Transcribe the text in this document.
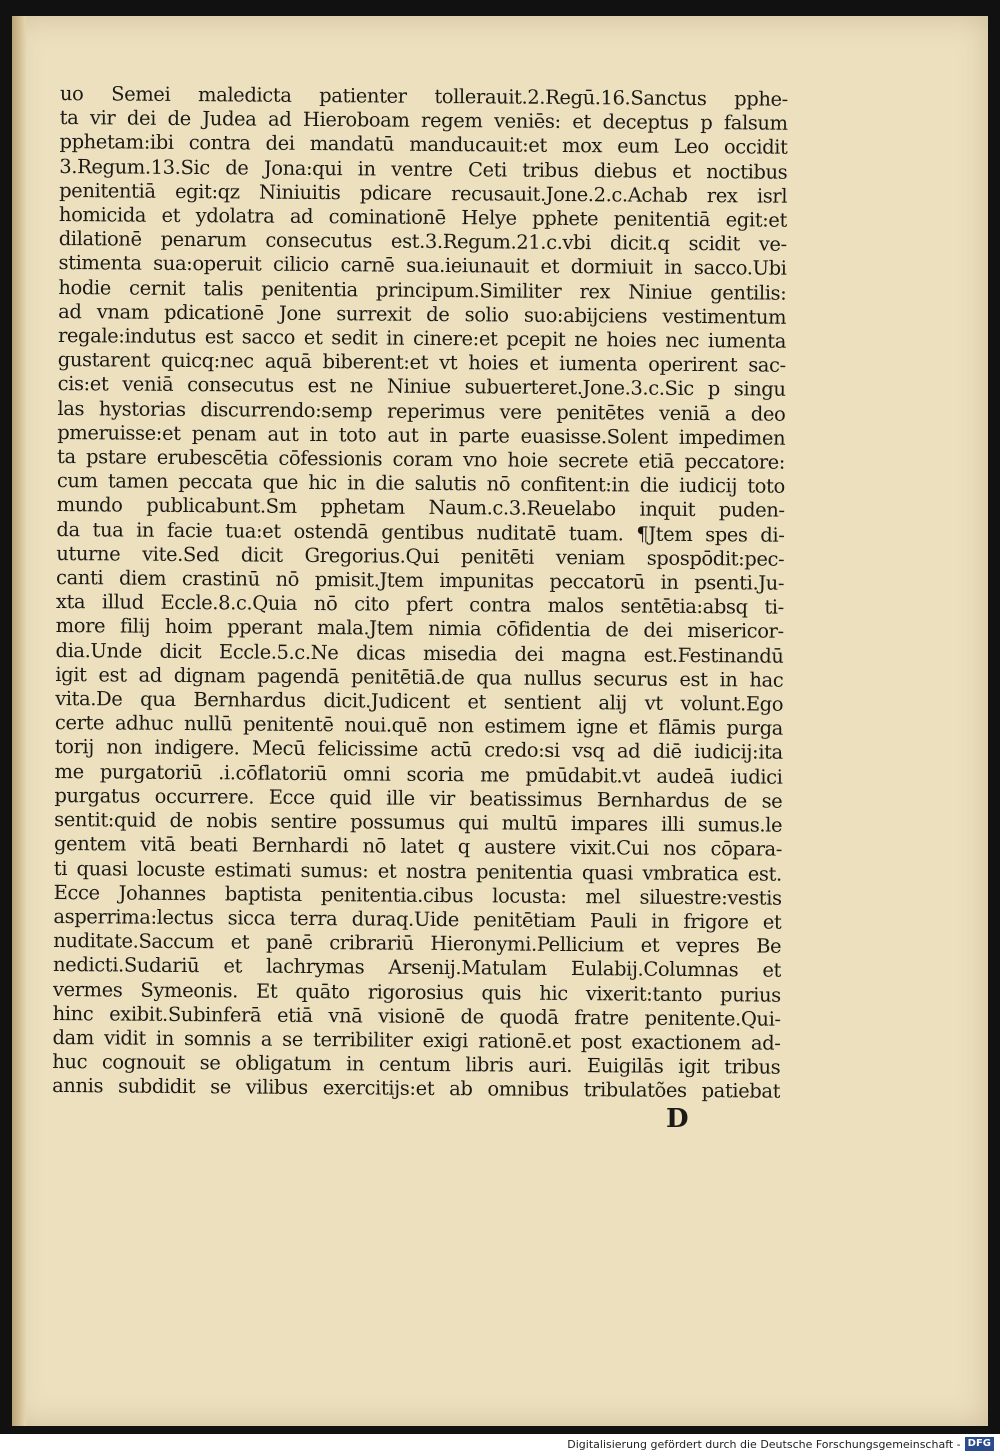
uo Semei maledicta patienter tollerauit.2.Regū.16.Sanctus pphe-
ta vir dei de Judea ad Hieroboam regem veniēs: et deceptus p falsum
pphetam:ibi contra dei mandatū manducauit:et mox eum Leo occidit
3.Regum.13.Sic de Jona:qui in ventre Ceti tribus diebus et noctibus
penitentiā egit:qz Niniuitis pdicare recusauit.Jone.2.c.Achab rex isrl
homicida et ydolatra ad cominationē Helye pphete penitentiā egit:et
dilationē penarum consecutus est.3.Regum.21.c.vbi dicit.q scidit ve-
stimenta sua:operuit cilicio carnē sua.ieiunauit et dormiuit in sacco.Ubi
hodie cernit talis penitentia principum.Similiter rex Niniue gentilis:
ad vnam pdicationē Jone surrexit de solio suo:abijciens vestimentum
regale:indutus est sacco et sedit in cinere:et pcepit ne hoies nec iumenta
gustarent quicq:nec aquā biberent:et vt hoies et iumenta operirent sac-
cis:et veniā consecutus est ne Niniue subuerteret.Jone.3.c.Sic p singu
las hystorias discurrendo:semp reperimus vere penitētes veniā a deo
pmeruisse:et penam aut in toto aut in parte euasisse.Solent impedimen
ta pstare erubescētia cōfessionis coram vno hoie secrete etiā peccatore:
cum tamen peccata que hic in die salutis nō confitent:in die iudicij toto
mundo publicabunt.Sm pphetam Naum.c.3.Reuelabo inquit puden-
da tua in facie tua:et ostendā gentibus nuditatē tuam. ¶Jtem spes di-
uturne vite.Sed dicit Gregorius.Qui penitēti veniam spospōdit:pec-
canti diem crastinū nō pmisit.Jtem impunitas peccatorū in psenti.Ju-
xta illud Eccle.8.c.Quia nō cito pfert contra malos sentētia:absq ti-
more filij hoim pperant mala.Jtem nimia cōfidentia de dei misericor-
dia.Unde dicit Eccle.5.c.Ne dicas misedia dei magna est.Festinandū
igit est ad dignam pagendā penitētiā.de qua nullus securus est in hac
vita.De qua Bernhardus dicit.Judicent et sentient alij vt volunt.Ego
certe adhuc nullū penitentē noui.quē non estimem igne et flāmis purga
torij non indigere. Mecū felicissime actū credo:si vsq ad diē iudicij:ita
me purgatoriū .i.cōflatoriū omni scoria me pmūdabit.vt audeā iudici
purgatus occurrere. Ecce quid ille vir beatissimus Bernhardus de se
sentit:quid de nobis sentire possumus qui multū impares illi sumus.le
gentem vitā beati Bernhardi nō latet q austere vixit.Cui nos cōpara-
ti quasi locuste estimati sumus: et nostra penitentia quasi vmbratica est.
Ecce Johannes baptista penitentia.cibus locusta: mel siluestre:vestis
asperrima:lectus sicca terra duraq.Uide penitētiam Pauli in frigore et
nuditate.Saccum et panē cribrariū Hieronymi.Pellicium et vepres Be
nedicti.Sudariū et lachrymas Arsenij.Matulam Eulabij.Columnas et
vermes Symeonis. Et quāto rigorosius quis hic vixerit:tanto purius
hinc exibit.Subinferā etiā vnā visionē de quodā fratre penitente.Qui-
dam vidit in somnis a se terribiliter exigi rationē.et post exactionem ad-
huc cognouit se obligatum in centum libris auri. Euigilās igit tribus
annis subdidit se vilibus exercitijs:et ab omnibus tribulatões patiebat
D
Digitalisierung gefördert durch die Deutsche Forschungsgemeinschaft - DFG
